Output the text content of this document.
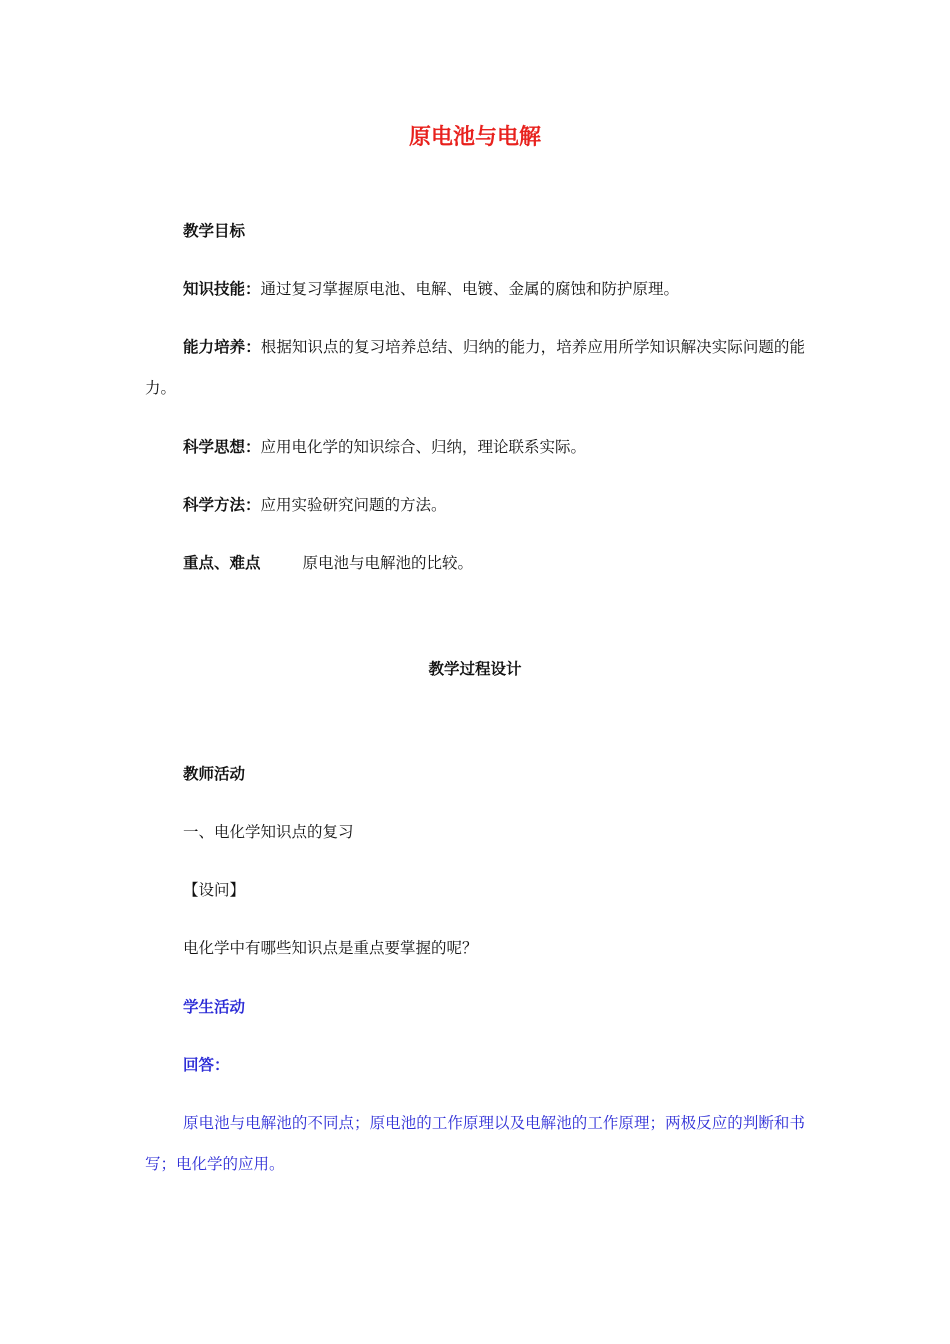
原电池与电解
教学目标
知识技能：通过复习掌握原电池、电解、电镀、金属的腐蚀和防护原理。
能力培养：根据知识点的复习培养总结、归纳的能力，培养应用所学知识解决实际问题的能力。
科学思想：应用电化学的知识综合、归纳，理论联系实际。
科学方法：应用实验研究问题的方法。
重点、难点	原电池与电解池的比较。
教学过程设计
教师活动
一、电化学知识点的复习
【设问】
电化学中有哪些知识点是重点要掌握的呢？
学生活动
回答：
原电池与电解池的不同点；原电池的工作原理以及电解池的工作原理；两极反应的判断和书写；电化学的应用。
